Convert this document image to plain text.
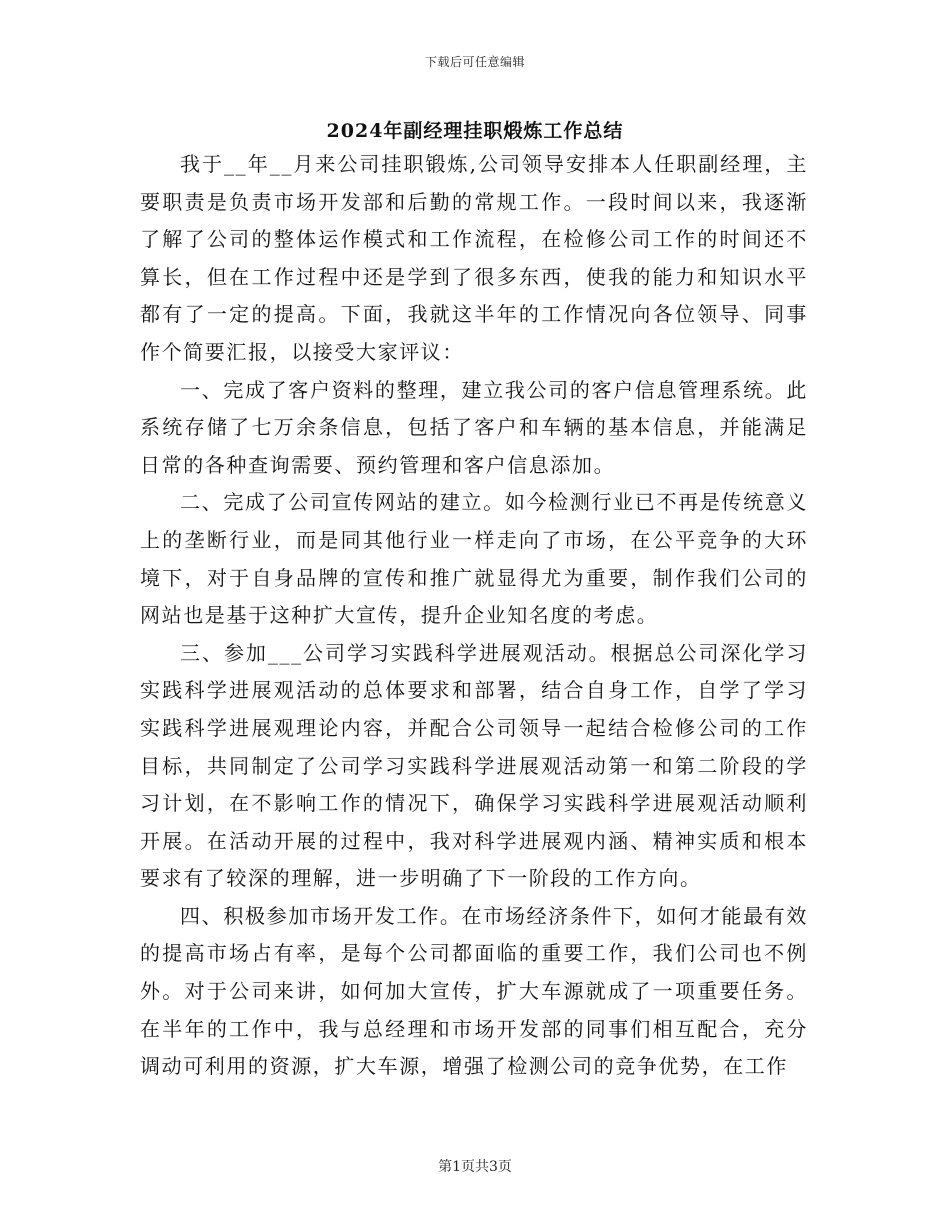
下载后可任意编辑
2024年副经理挂职煅炼工作总结

我于__年__月来公司挂职锻炼,公司领导安排本人任职副经理，主要职责是负责市场开发部和后勤的常规工作。一段时间以来，我逐渐了解了公司的整体运作模式和工作流程，在检修公司工作的时间还不算长，但在工作过程中还是学到了很多东西，使我的能力和知识水平都有了一定的提高。下面，我就这半年的工作情况向各位领导、同事作个简要汇报，以接受大家评议：

一、完成了客户资料的整理，建立我公司的客户信息管理系统。此系统存储了七万余条信息，包括了客户和车辆的基本信息，并能满足日常的各种查询需要、预约管理和客户信息添加。

二、完成了公司宣传网站的建立。如今检测行业已不再是传统意义上的垄断行业，而是同其他行业一样走向了市场，在公平竞争的大环境下，对于自身品牌的宣传和推广就显得尤为重要，制作我们公司的网站也是基于这种扩大宣传，提升企业知名度的考虑。

三、参加___公司学习实践科学进展观活动。根据总公司深化学习实践科学进展观活动的总体要求和部署，结合自身工作，自学了学习实践科学进展观理论内容，并配合公司领导一起结合检修公司的工作目标，共同制定了公司学习实践科学进展观活动第一和第二阶段的学习计划，在不影响工作的情况下，确保学习实践科学进展观活动顺利开展。在活动开展的过程中，我对科学进展观内涵、精神实质和根本要求有了较深的理解，进一步明确了下一阶段的工作方向。

四、积极参加市场开发工作。在市场经济条件下，如何才能最有效的提高市场占有率，是每个公司都面临的重要工作，我们公司也不例外。对于公司来讲，如何加大宣传，扩大车源就成了一项重要任务。在半年的工作中，我与总经理和市场开发部的同事们相互配合，充分调动可利用的资源，扩大车源，增强了检测公司的竞争优势，在工作

第1页共3页
